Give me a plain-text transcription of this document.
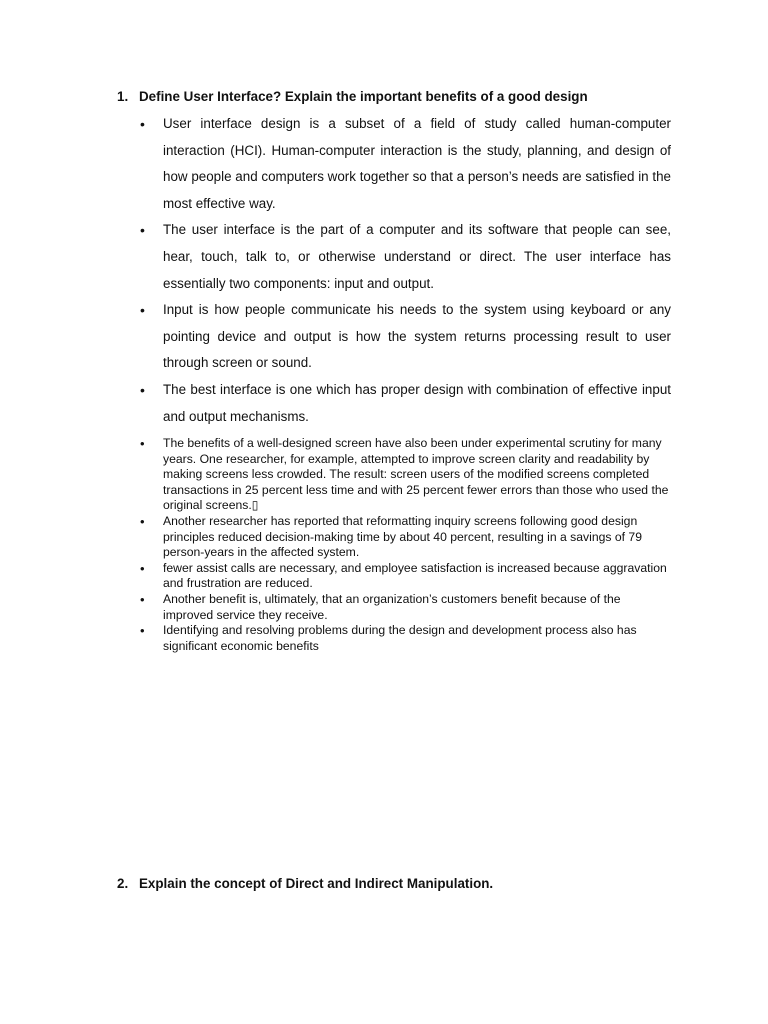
1. Define User Interface? Explain the important benefits of a good design
• User interface design is a subset of a field of study called human-computer interaction (HCI). Human-computer interaction is the study, planning, and design of how people and computers work together so that a person’s needs are satisfied in the most effective way.
• The user interface is the part of a computer and its software that people can see, hear, touch, talk to, or otherwise understand or direct. The user interface has essentially two components: input and output.
• Input is how people communicate his needs to the system using keyboard or any pointing device and output is how the system returns processing result to user through screen or sound.
• The best interface is one which has proper design with combination of effective input and output mechanisms.
• The benefits of a well-designed screen have also been under experimental scrutiny for many years. One researcher, for example, attempted to improve screen clarity and readability by making screens less crowded. The result: screen users of the modified screens completed transactions in 25 percent less time and with 25 percent fewer errors than those who used the original screens.▯
• Another researcher has reported that reformatting inquiry screens following good design principles reduced decision-making time by about 40 percent, resulting in a savings of 79 person-years in the affected system.
• fewer assist calls are necessary, and employee satisfaction is increased because aggravation and frustration are reduced.
• Another benefit is, ultimately, that an organization’s customers benefit because of the improved service they receive.
• Identifying and resolving problems during the design and development process also has significant economic benefits
2. Explain the concept of Direct and Indirect Manipulation.
